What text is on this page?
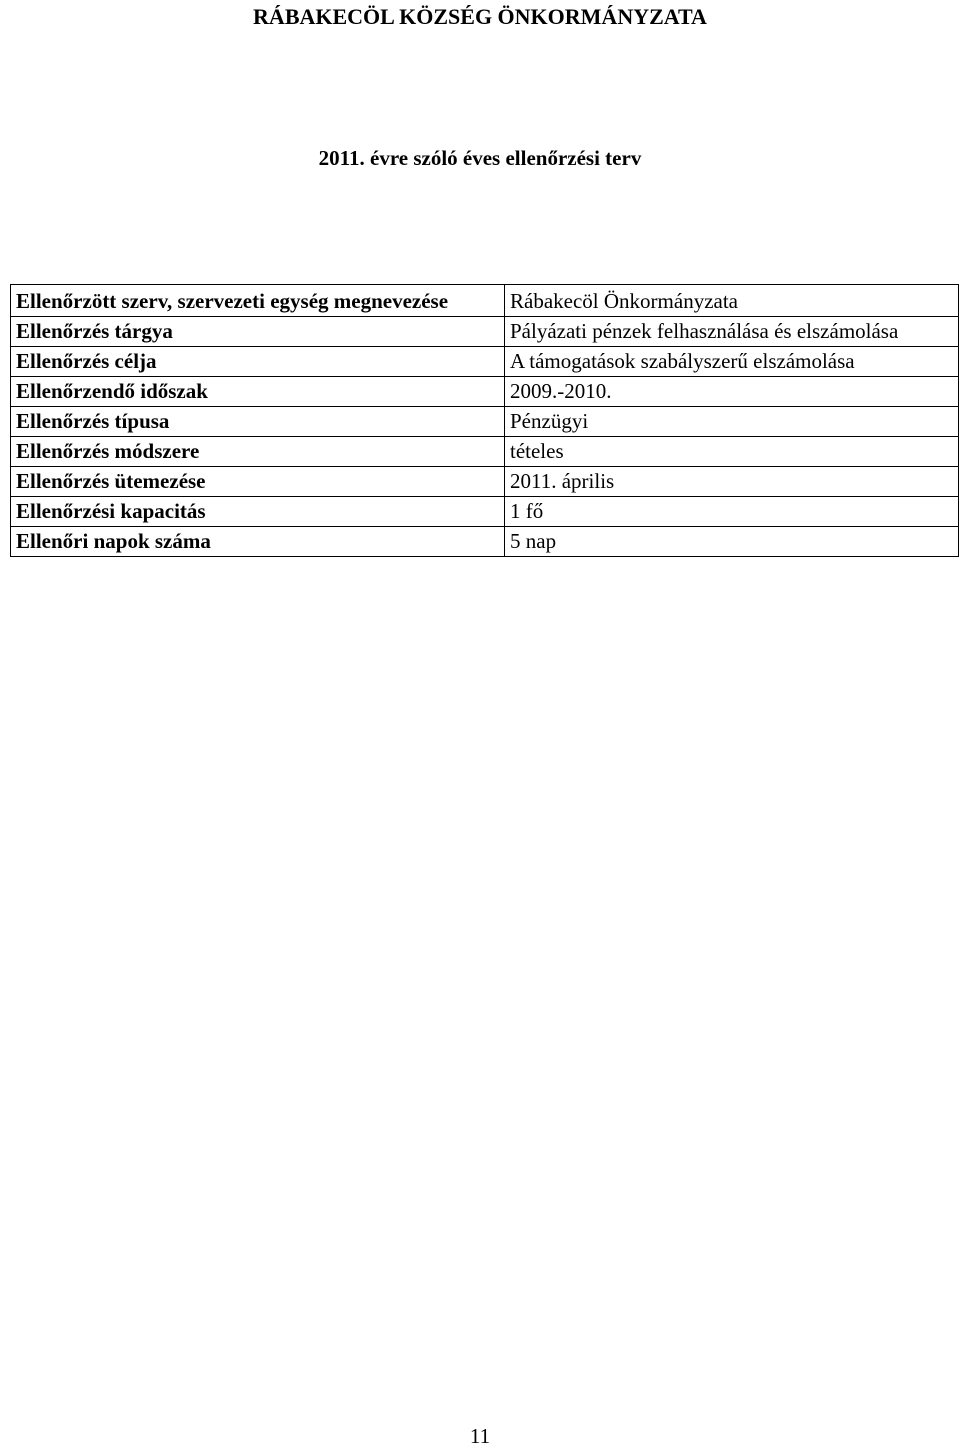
RÁBAKECÖL KÖZSÉG ÖNKORMÁNYZATA
2011. évre szóló éves ellenőrzési terv
Ellenőrzött szerv, szervezeti egység megnevezése	Rábakecöl Önkormányzata
Ellenőrzés tárgya	Pályázati pénzek felhasználása és elszámolása
Ellenőrzés célja	A támogatások szabályszerű elszámolása
Ellenőrzendő időszak	2009.-2010.
Ellenőrzés típusa	Pénzügyi
Ellenőrzés módszere	tételes
Ellenőrzés ütemezése	2011. április
Ellenőrzési kapacitás	1 fő
Ellenőri napok száma	5 nap
11
